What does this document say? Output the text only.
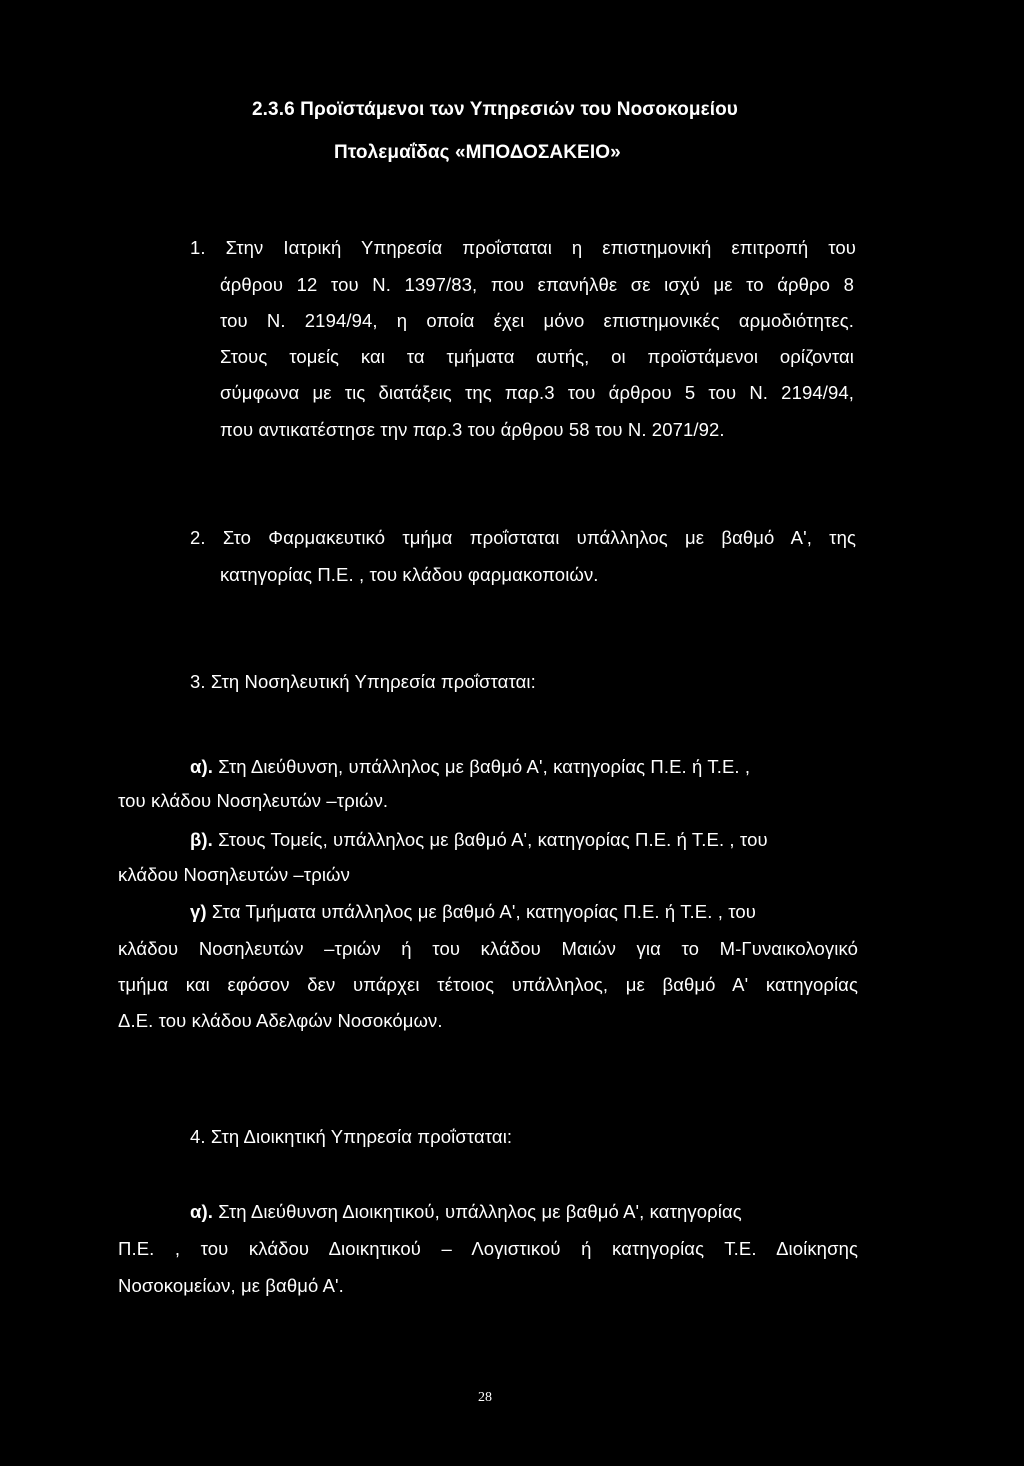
2.3.6 Προϊστάμενοι των Υπηρεσιών του Νοσοκομείου

Πτολεμαΐδας «ΜΠΟΔΟΣΑΚΕΙΟ»

1. Στην Ιατρική Υπηρεσία προΐσταται η επιστημονική επιτροπή του

άρθρου 12 του Ν. 1397/83, που επανήλθε σε ισχύ με το άρθρο 8

του Ν. 2194/94, η οποία έχει μόνο επιστημονικές αρμοδιότητες.

Στους τομείς και τα τμήματα αυτής, οι προϊστάμενοι ορίζονται

σύμφωνα με τις διατάξεις της παρ.3 του άρθρου 5 του Ν. 2194/94,

που αντικατέστησε την παρ.3 του άρθρου 58 του Ν. 2071/92.

2. Στο Φαρμακευτικό τμήμα προΐσταται υπάλληλος με βαθμό Α', της

κατηγορίας Π.Ε. , του κλάδου φαρμακοποιών.

3. Στη Νοσηλευτική Υπηρεσία προΐσταται:

α). Στη Διεύθυνση, υπάλληλος με βαθμό Α', κατηγορίας Π.Ε. ή Τ.Ε. ,

του κλάδου Νοσηλευτών –τριών.

β). Στους Τομείς, υπάλληλος με βαθμό Α', κατηγορίας Π.Ε. ή Τ.Ε. , του

κλάδου Νοσηλευτών –τριών

γ) Στα Τμήματα υπάλληλος με βαθμό Α', κατηγορίας Π.Ε. ή Τ.Ε. , του

κλάδου Νοσηλευτών –τριών ή του κλάδου Μαιών για το Μ-Γυναικολογικό

τμήμα και εφόσον δεν υπάρχει τέτοιος υπάλληλος, με βαθμό Α' κατηγορίας

Δ.Ε. του κλάδου Αδελφών Νοσοκόμων.

4. Στη Διοικητική Υπηρεσία προΐσταται:

α). Στη Διεύθυνση Διοικητικού, υπάλληλος με βαθμό Α', κατηγορίας

Π.Ε. , του κλάδου Διοικητικού – Λογιστικού ή κατηγορίας Τ.Ε. Διοίκησης

Νοσοκομείων, με βαθμό Α'.

28
